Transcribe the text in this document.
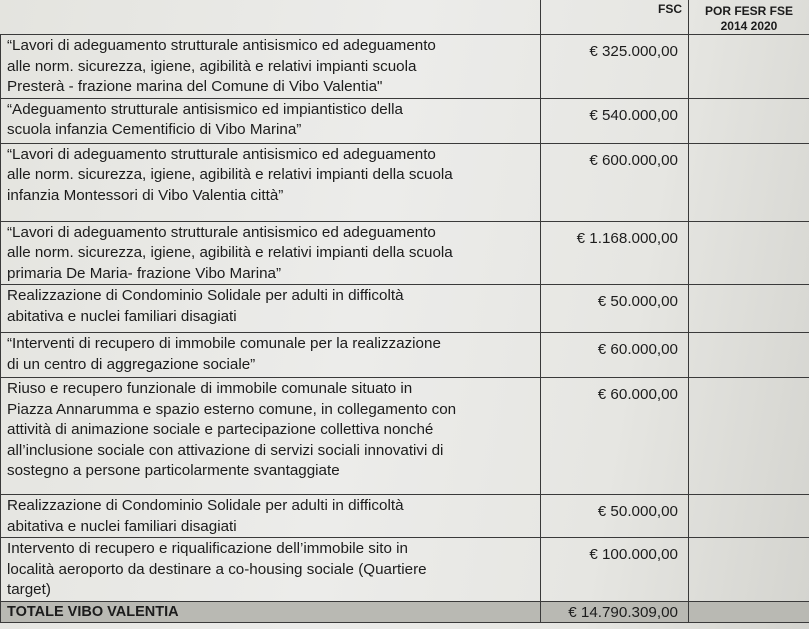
	FSC	POR FESR FSE
2014 2020

“Lavori di adeguamento strutturale antisismico ed adeguamento
alle norm. sicurezza, igiene, agibilità e relativi impianti scuola
Presterà - frazione marina del Comune di Vibo Valentia"	€ 325.000,00	

“Adeguamento strutturale antisismico ed impiantistico della
scuola infanzia Cementificio di Vibo Marina”	€ 540.000,00	

“Lavori di adeguamento strutturale antisismico ed adeguamento
alle norm. sicurezza, igiene, agibilità e relativi impianti della scuola
infanzia Montessori di Vibo Valentia città”	€ 600.000,00	

“Lavori di adeguamento strutturale antisismico ed adeguamento
alle norm. sicurezza, igiene, agibilità e relativi impianti della scuola
primaria De Maria- frazione Vibo Marina”	€ 1.168.000,00	

Realizzazione di Condominio Solidale per adulti in difficoltà
abitativa e nuclei familiari disagiati	€ 50.000,00	

“Interventi di recupero di immobile comunale per la realizzazione
di un centro di aggregazione sociale”	€ 60.000,00	

Riuso e recupero funzionale di immobile comunale situato in
Piazza Annarumma e spazio esterno comune, in collegamento con
attività di animazione sociale e partecipazione collettiva nonché
all’inclusione sociale con attivazione di servizi sociali innovativi di
sostegno a persone particolarmente svantaggiate	€ 60.000,00	

Realizzazione di Condominio Solidale per adulti in difficoltà
abitativa e nuclei familiari disagiati	€ 50.000,00	

Intervento di recupero e riqualificazione dell’immobile sito in
località aeroporto da destinare a co-housing sociale (Quartiere
target)	€ 100.000,00	
TOTALE VIBO VALENTIA	€ 14.790.309,00	
